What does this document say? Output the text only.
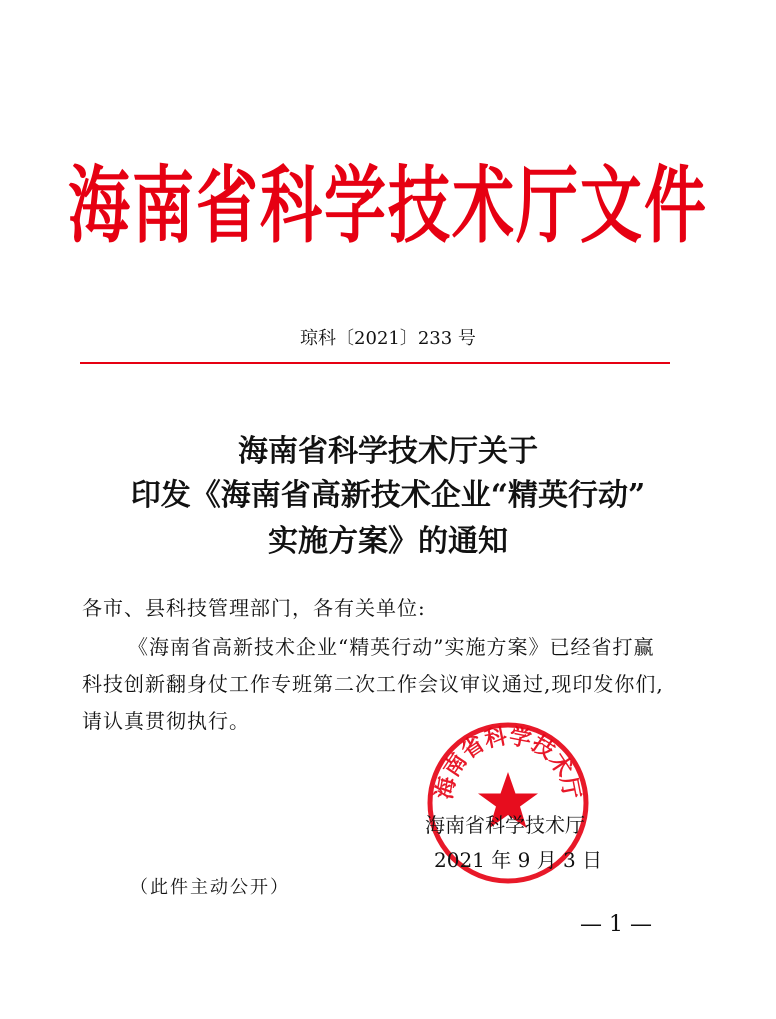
海南省科学技术厅文件
琼科〔2021〕233 号
海南省科学技术厅关于
印发《海南省高新技术企业“精英行动”
实施方案》的通知
各市、县科技管理部门，各有关单位:
《海南省高新技术企业“精英行动”实施方案》已经省打赢
科技创新翻身仗工作专班第二次工作会议审议通过,现印发你们,
请认真贯彻执行。
海南省科学技术厅
海南省科学技术厅
2021 年 9 月 3 日
（此件主动公开）
— 1 —
